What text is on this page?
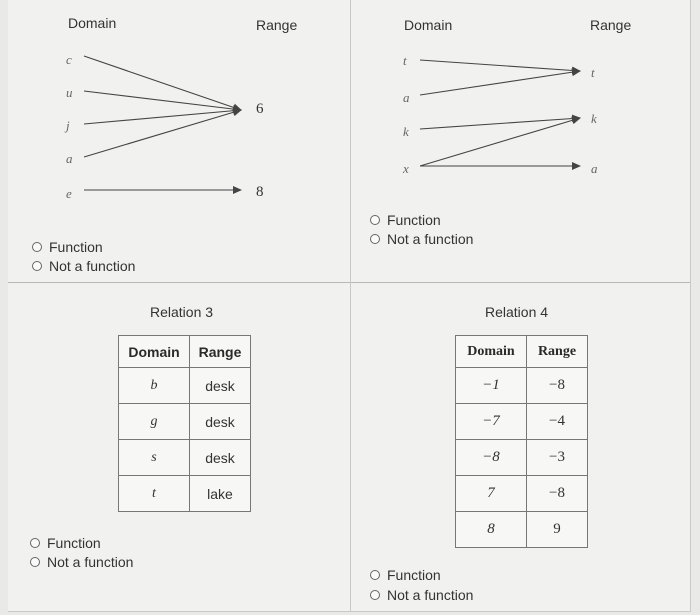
Domain	Range
c
u
j
a
e
6
8
Domain	Range
t
a
k
x
t
k
a
Function
Not a function
Function
Not a function
Relation 3
Domain	Range
b	desk
g	desk
s	desk
t	lake
Function
Not a function
Relation 4
Domain	Range
−1	−8
−7	−4
−8	−3
7	−8
8	9
Function
Not a function
